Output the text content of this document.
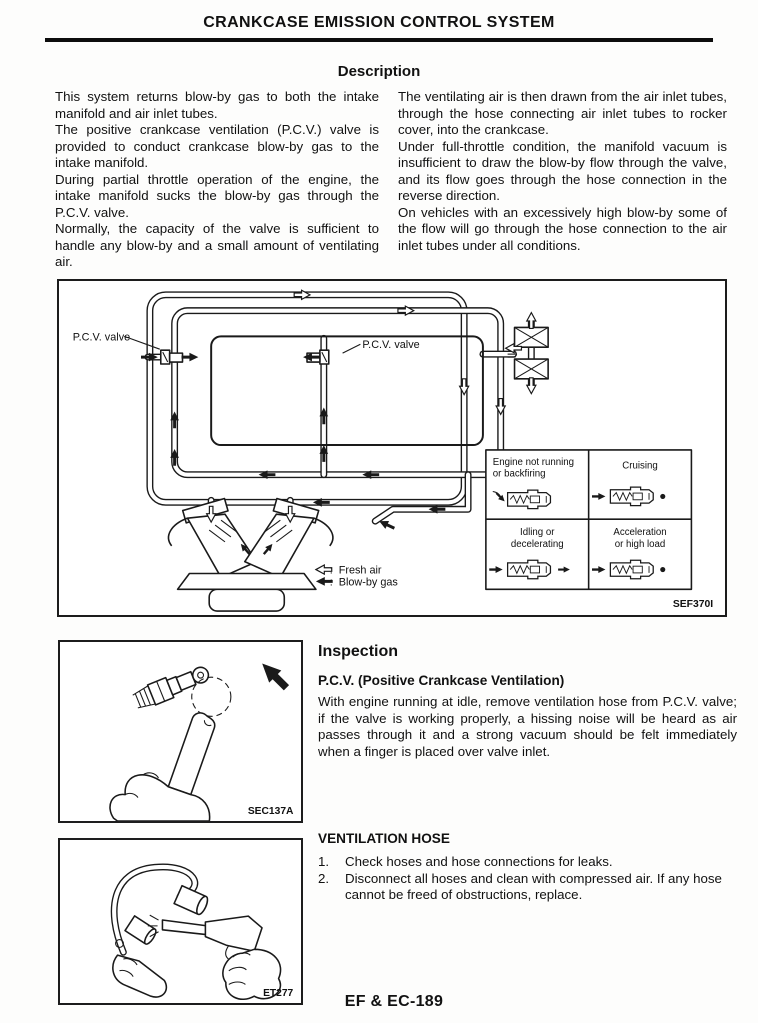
CRANKCASE EMISSION CONTROL SYSTEM
Description

This system returns blow-by gas to both the intake manifold and air inlet tubes.

The positive crankcase ventilation (P.C.V.) valve is provided to conduct crankcase blow-by gas to the intake manifold.

During partial throttle operation of the engine, the intake manifold sucks the blow-by gas through the P.C.V. valve.

Normally, the capacity of the valve is sufficient to handle any blow-by and a small amount of ventilating air.

The ventilating air is then drawn from the air inlet tubes, through the hose connecting air inlet tubes to rocker cover, into the crankcase.

Under full-throttle condition, the manifold vacuum is insufficient to draw the blow-by flow through the valve, and its flow goes through the hose connection in the reverse direction.

On vehicles with an excessively high blow-by some of the flow will go through the hose connection to the air inlet tubes under all conditions.

P.C.V. valve
P.C.V. valve
: Fresh air
: Blow-by gas
Engine not running
or backfiring
Cruising
Idling or
decelerating
Acceleration
or high load
SEF370I
Inspection
P.C.V. (Positive Crankcase Ventilation)
With engine running at idle, remove ventilation hose from P.C.V. valve; if the valve is working properly, a hissing noise will be heard as air passes through it and a strong vacuum should be felt immediately when a finger is placed over valve inlet.
SEC137A
VENTILATION HOSE
1.	Check hoses and hose connections for leaks.
2.	Disconnect all hoses and clean with compressed air. If any hose cannot be freed of obstructions, replace.
ET277	EF & EC-189
